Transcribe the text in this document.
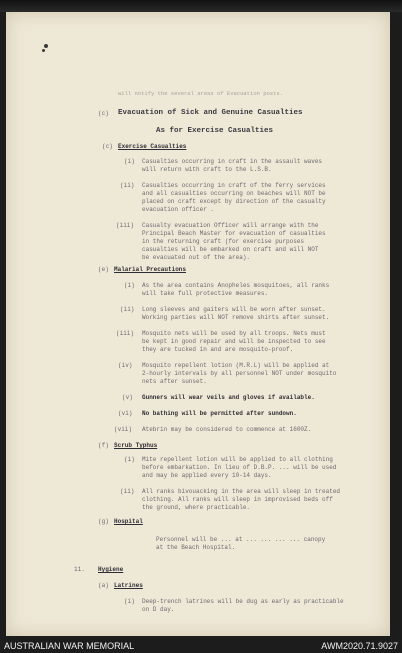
will notify the several areas of Evacuation posts.
(c) Evacuation of Sick and Genuine Casualties
As for Exercise Casualties
(c) Exercise Casualties
(i) Casualties occurring in craft in the assault waves
will return with craft to the L.S.B.
(ii) Casualties occurring in craft of the ferry services
and all casualties occurring on beaches will NOT be
placed on craft except by direction of the casualty
evacuation officer .
(iii) Casualty evacuation Officer will arrange with the
Principal Beach Master for evacuation of casualties
in the returning craft (for exercise purposes
casualties will be embarked on craft and will NOT
be evacuated out of the area).
(e) Malarial Precautions
(i) As the area contains Anopheles mosquitoes, all ranks
will take full protective measures.
(ii) Long sleeves and gaiters will be worn after sunset.
Working parties will NOT remove shirts after sunset.
(iii) Mosquito nets will be used by all troops. Nets must
be kept in good repair and will be inspected to see
they are tucked in and are mosquito-proof.
(iv) Mosquito repellent lotion (M.R.L) will be applied at
2-hourly intervals by all personnel NOT under mosquito
nets after sunset.
(v) Gunners will wear veils and gloves if available.
(vi) No bathing will be permitted after sundown.
(vii) Atebrin may be considered to commence at 1600Z.
(f) Scrub Typhus
(i) Mite repellent lotion will be applied to all clothing
before embarkation. In lieu of D.B.P. ... will be used
and may be applied every 10-14 days.
(ii) All ranks bivouacking in the area will sleep in treated
clothing. All ranks will sleep in improvised beds off
the ground, where practicable.
(g) Hospital
Personnel will be ... at ... ... ... ... canopy
at the Beach Hospital.
11. Hygiene
(a) Latrines
(i) Deep-trench latrines will be dug as early as practicable
on D day.
AUSTRALIAN WAR MEMORIAL	AWM2020.71.9027
